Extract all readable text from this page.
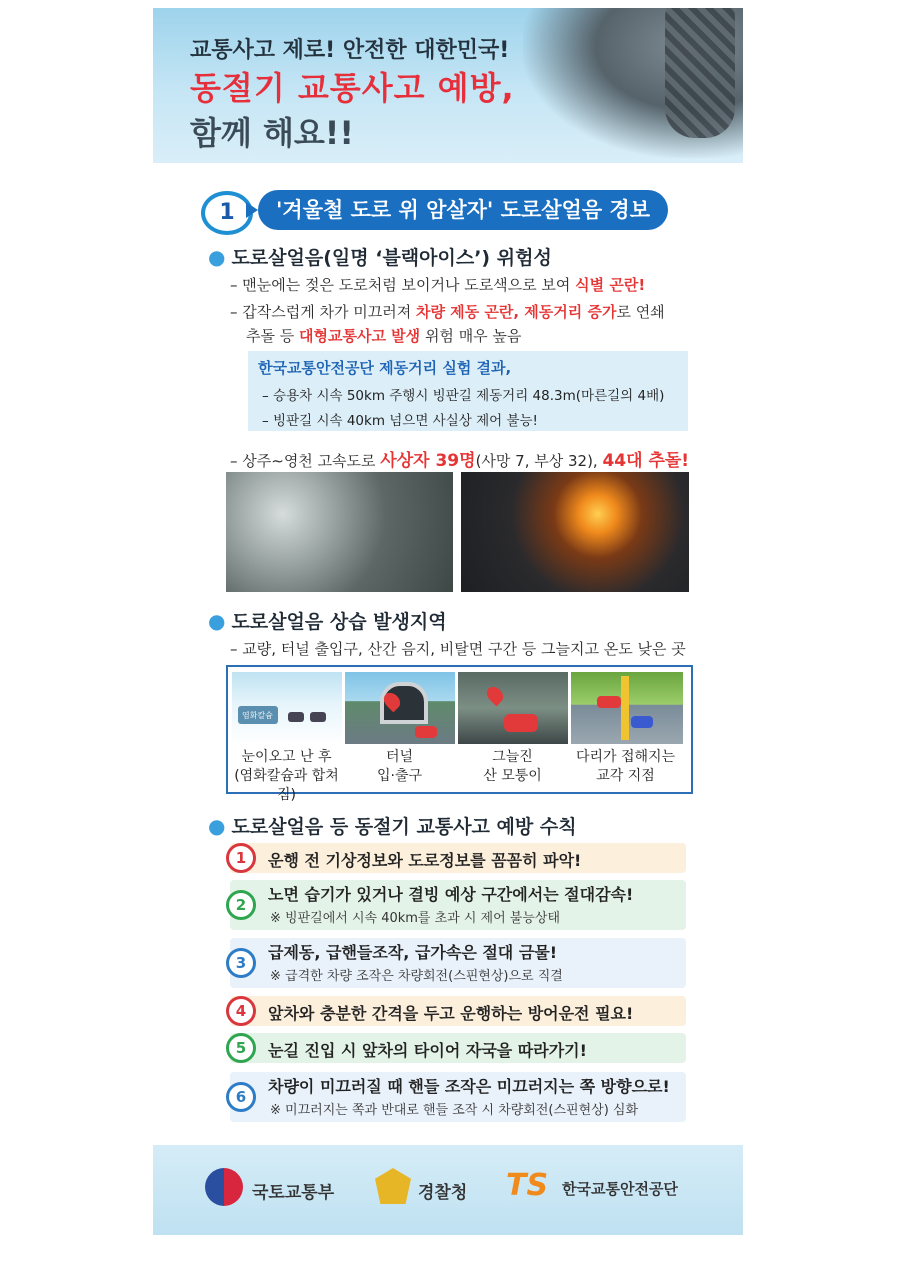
교통사고 제로! 안전한 대한민국!
동절기 교통사고 예방,
함께 해요!!
1	'겨울철 도로 위 암살자' 도로살얼음 경보
● 도로살얼음(일명 ‘블랙아이스’) 위험성
– 맨눈에는 젖은 도로처럼 보이거나 도로색으로 보여 식별 곤란!
– 갑작스럽게 차가 미끄러져 차량 제동 곤란, 제동거리 증가로 연쇄
추돌 등 대형교통사고 발생 위험 매우 높음
한국교통안전공단 제동거리 실험 결과,
– 승용차 시속 50km 주행시 빙판길 제동거리 48.3m(마른길의 4배)
– 빙판길 시속 40km 넘으면 사실상 제어 불능!
– 상주∼영천 고속도로 사상자 39명(사망 7, 부상 32), 44대 추돌!
● 도로살얼음 상습 발생지역
– 교량, 터널 출입구, 산간 음지, 비탈면 구간 등 그늘지고 온도 낮은 곳
염화칼슘
눈이오고 난 후
(염화칼슘과 합쳐짐)
터널
입·출구
그늘진
산 모퉁이
다리가 접해지는
교각 지점
● 도로살얼음 등 동절기 교통사고 예방 수칙
1	운행 전 기상정보와 도로정보를 꼼꼼히 파악!
2
노면 습기가 있거나 결빙 예상 구간에서는 절대감속!
※ 빙판길에서 시속 40km를 초과 시 제어 불능상태
3
급제동, 급핸들조작, 급가속은 절대 금물!
※ 급격한 차량 조작은 차량회전(스핀현상)으로 직결
4	앞차와 충분한 간격을 두고 운행하는 방어운전 필요!
5	눈길 진입 시 앞차의 타이어 자국을 따라가기!
6
차량이 미끄러질 때 핸들 조작은 미끄러지는 쪽 방향으로!
※ 미끄러지는 쪽과 반대로 핸들 조작 시 차량회전(스핀현상) 심화
국토교통부	경찰청 TS 한국교통안전공단
